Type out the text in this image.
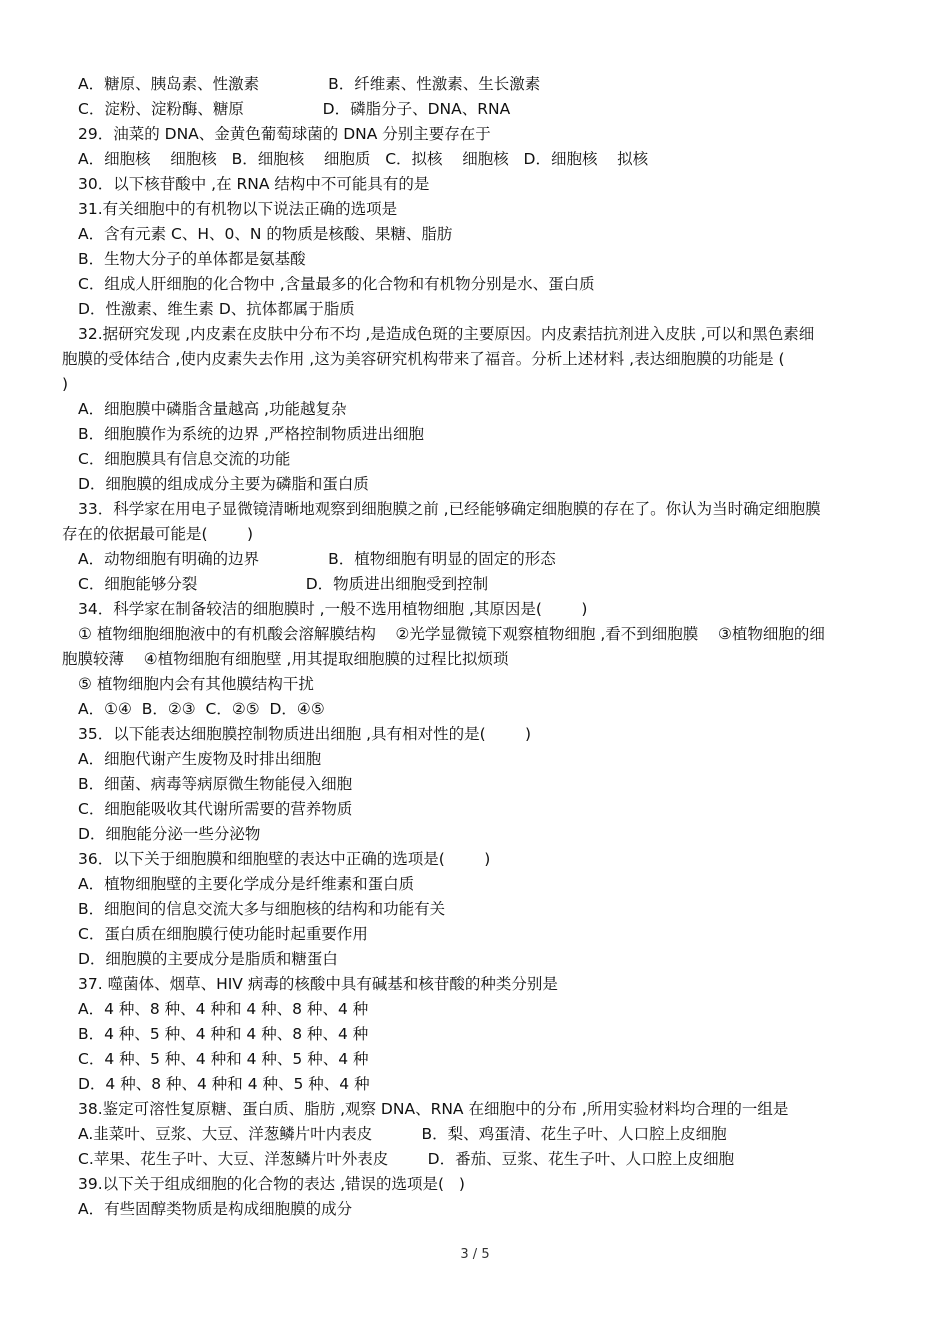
A．糖原、胰岛素、性激素              B．纤维素、性激素、生长激素
C．淀粉、淀粉酶、糖原                D．磷脂分子、DNA、RNA
29．油菜的 DNA、金黄色葡萄球菌的 DNA 分别主要存在于
A．细胞核    细胞核   B．细胞核    细胞质   C．拟核    细胞核   D．细胞核    拟核
30．以下核苷酸中 ,在 RNA 结构中不可能具有的是
31.有关细胞中的有机物以下说法正确的选项是
A．含有元素 C、H、0、N 的物质是核酸、果糖、脂肪
B．生物大分子的单体都是氨基酸
C．组成人肝细胞的化合物中 ,含量最多的化合物和有机物分别是水、蛋白质
D．性激素、维生素 D、抗体都属于脂质
32.据研究发现 ,内皮素在皮肤中分布不均 ,是造成色斑的主要原因。内皮素拮抗剂进入皮肤 ,可以和黑色素细
胞膜的受体结合 ,使内皮素失去作用 ,这为美容研究机构带来了福音。分析上述材料 ,表达细胞膜的功能是 (
)
A．细胞膜中磷脂含量越高 ,功能越复杂
B．细胞膜作为系统的边界 ,严格控制物质进出细胞
C．细胞膜具有信息交流的功能
D．细胞膜的组成成分主要为磷脂和蛋白质
33．科学家在用电子显微镜清晰地观察到细胞膜之前 ,已经能够确定细胞膜的存在了。你认为当时确定细胞膜
存在的依据最可能是(        )
A．动物细胞有明确的边界              B．植物细胞有明显的固定的形态
C．细胞能够分裂                      D．物质进出细胞受到控制
34．科学家在制备较洁的细胞膜时 ,一般不选用植物细胞 ,其原因是(        )
① 植物细胞细胞液中的有机酸会溶解膜结构    ②光学显微镜下观察植物细胞 ,看不到细胞膜    ③植物细胞的细
胞膜较薄    ④植物细胞有细胞壁 ,用其提取细胞膜的过程比拟烦琐
⑤ 植物细胞内会有其他膜结构干扰
A．①④  B．②③  C．②⑤  D．④⑤
35．以下能表达细胞膜控制物质进出细胞 ,具有相对性的是(        )
A．细胞代谢产生废物及时排出细胞
B．细菌、病毒等病原微生物能侵入细胞
C．细胞能吸收其代谢所需要的营养物质
D．细胞能分泌一些分泌物
36．以下关于细胞膜和细胞壁的表达中正确的选项是(        )
A．植物细胞壁的主要化学成分是纤维素和蛋白质
B．细胞间的信息交流大多与细胞核的结构和功能有关
C．蛋白质在细胞膜行使功能时起重要作用
D．细胞膜的主要成分是脂质和糖蛋白
37. 噬菌体、烟草、HIV 病毒的核酸中具有碱基和核苷酸的种类分别是
A．4 种、8 种、4 种和 4 种、8 种、4 种
B．4 种、5 种、4 种和 4 种、8 种、4 种
C．4 种、5 种、4 种和 4 种、5 种、4 种
D．4 种、8 种、4 种和 4 种、5 种、4 种
38.鉴定可溶性复原糖、蛋白质、脂肪 ,观察 DNA、RNA 在细胞中的分布 ,所用实验材料均合理的一组是
A.韭菜叶、豆浆、大豆、洋葱鳞片叶内表皮          B．梨、鸡蛋清、花生子叶、人口腔上皮细胞
C.苹果、花生子叶、大豆、洋葱鳞片叶外表皮        D．番茄、豆浆、花生子叶、人口腔上皮细胞
39.以下关于组成细胞的化合物的表达 ,错误的选项是(   )
A．有些固醇类物质是构成细胞膜的成分
3 / 5
